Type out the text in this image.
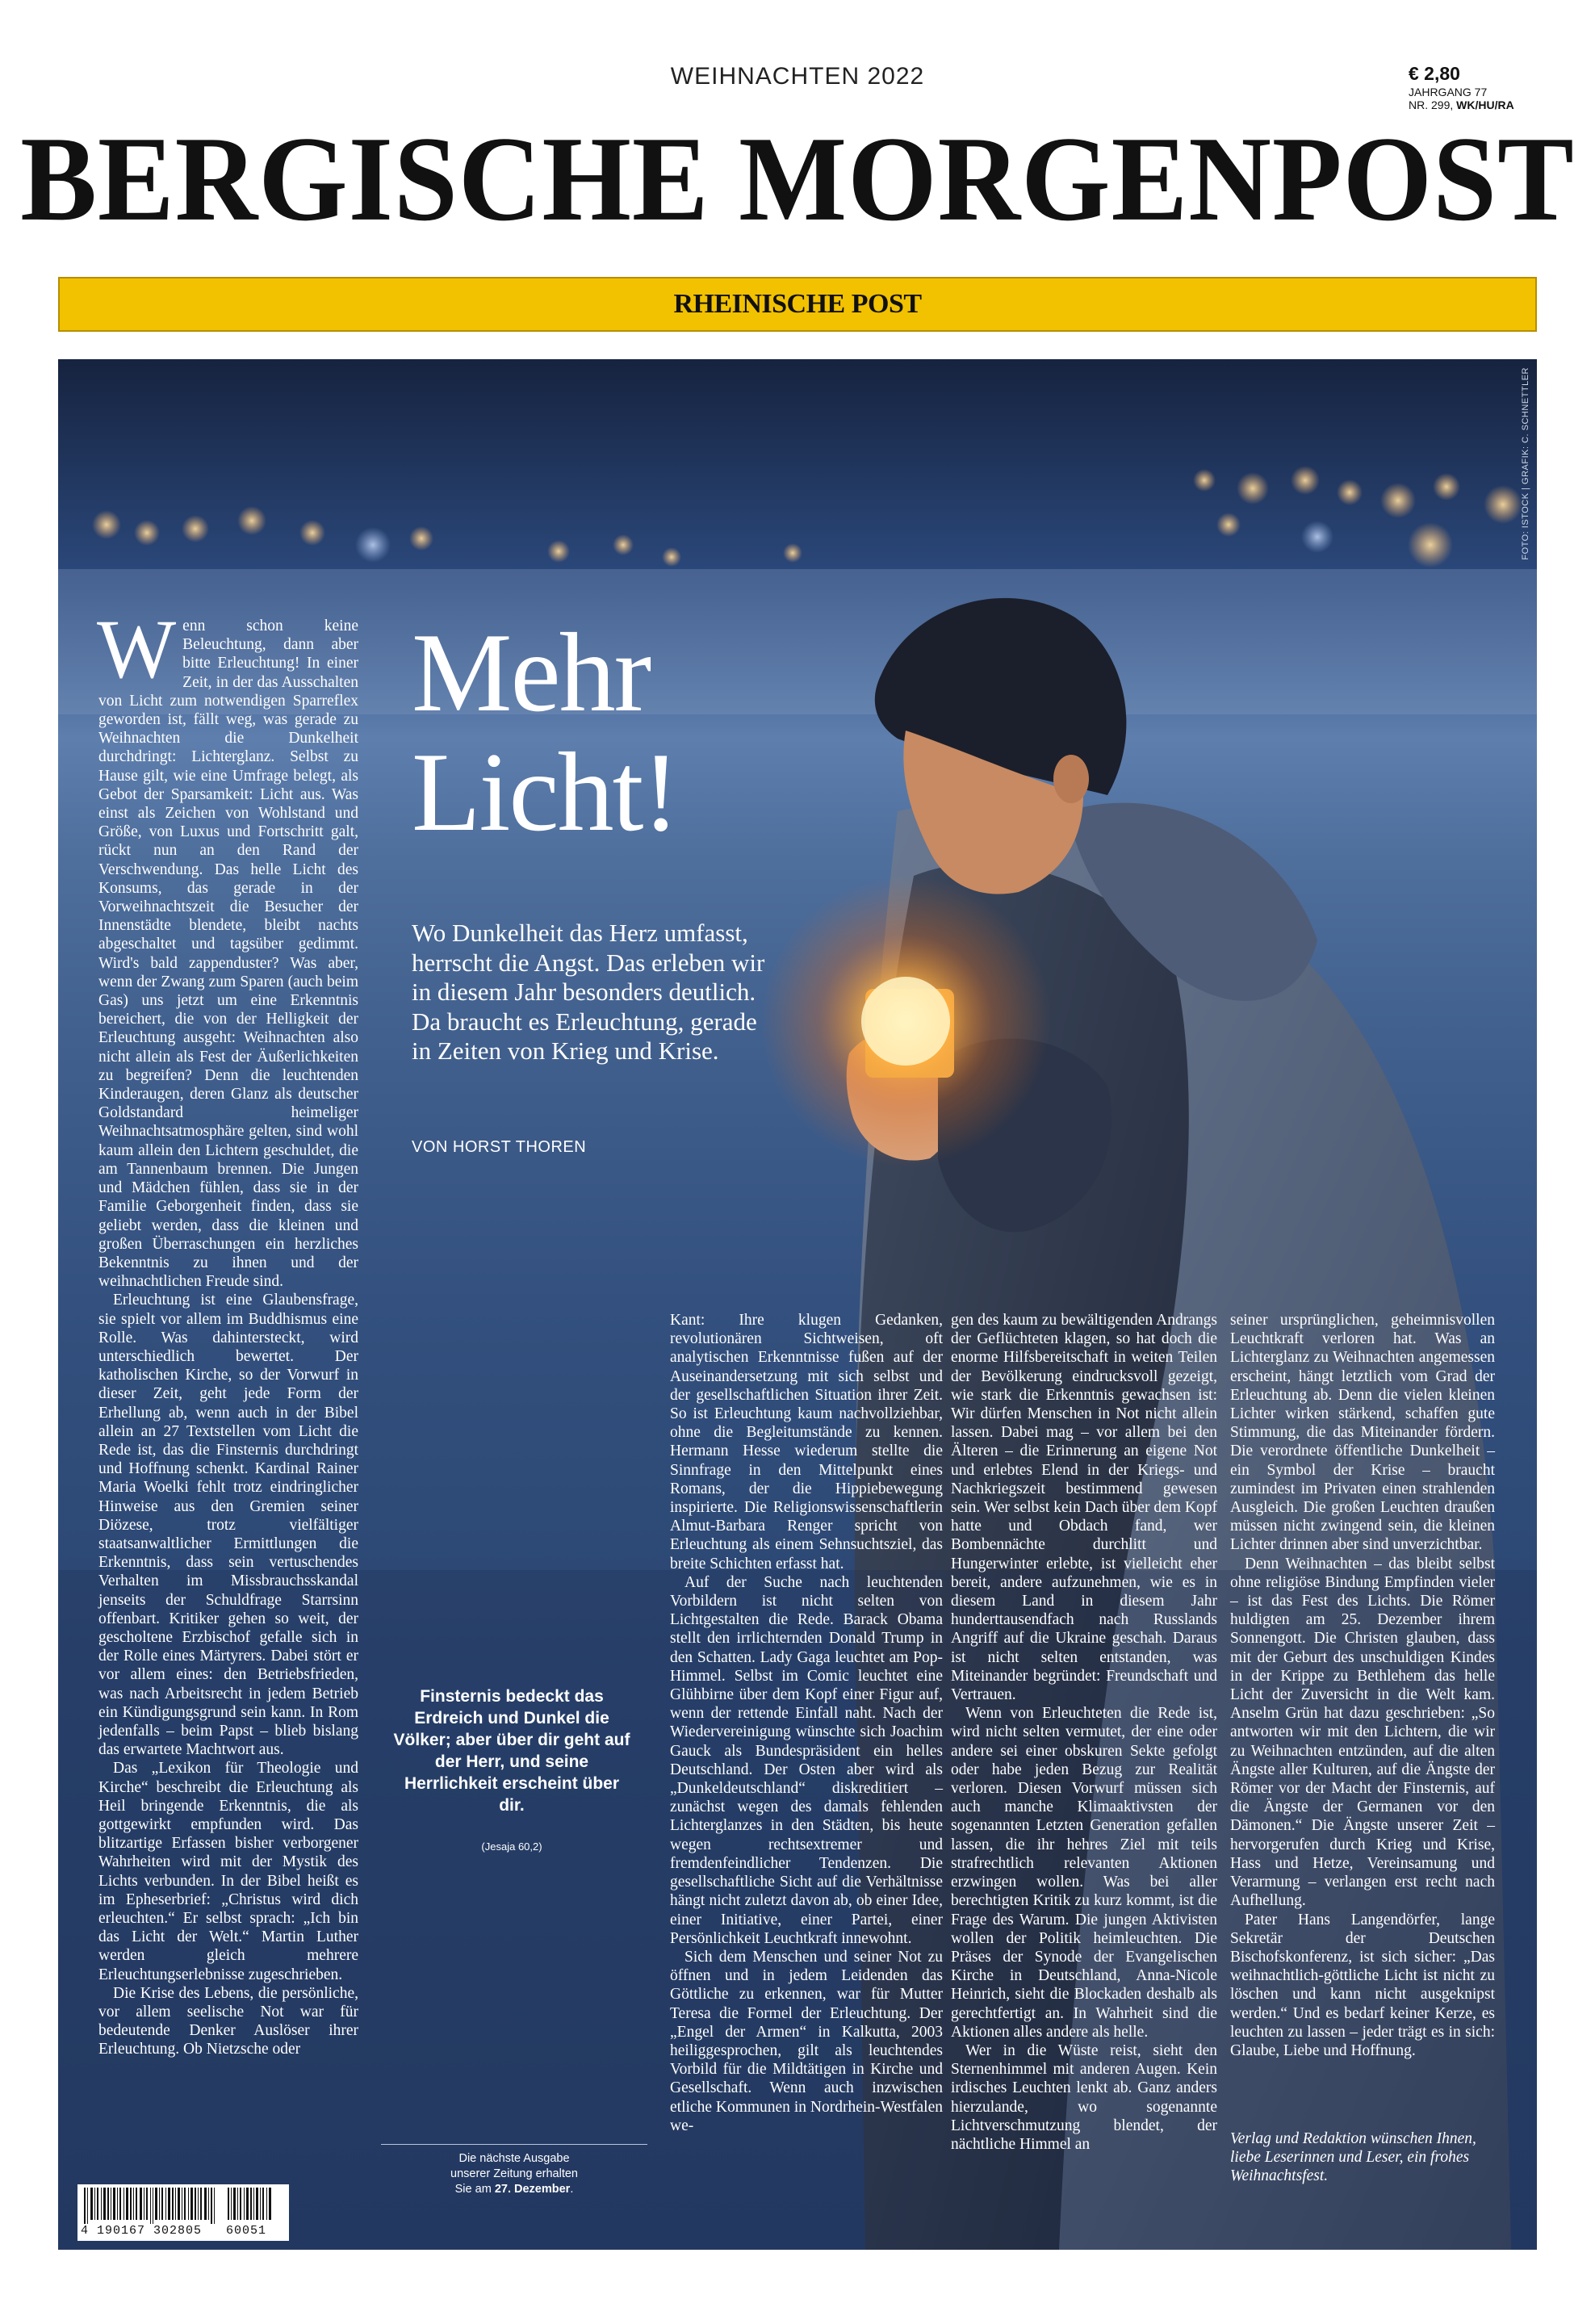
WEIHNACHTEN 2022	€ 2,80
JAHRGANG 77
NR. 299, WK/HU/RA
BERGISCHE MORGENPOST
RHEINISCHE POST
FOTO: ISTOCK | GRAFIK: C. SCHNETTLER
Mehr
Licht!
Wo Dunkelheit das Herz umfasst, herrscht die Angst. Das erleben wir in diesem Jahr besonders deutlich. Da braucht es Erleuchtung, gerade in Zeiten von Krieg und Krise.
VON HORST THOREN

Wenn schon keine Beleuchtung, dann aber bitte Erleuchtung! In einer Zeit, in der das Ausschalten von Licht zum notwendigen Sparreflex geworden ist, fällt weg, was gerade zu Weihnachten die Dunkelheit durchdringt: Lichterglanz. Selbst zu Hause gilt, wie eine Umfrage belegt, als Gebot der Sparsamkeit: Licht aus. Was einst als Zeichen von Wohlstand und Größe, von Luxus und Fortschritt galt, rückt nun an den Rand der Verschwendung. Das helle Licht des Konsums, das gerade in der Vorweihnachtszeit die Besucher der Innenstädte blendete, bleibt nachts abgeschaltet und tagsüber gedimmt. Wird's bald zappenduster? Was aber, wenn der Zwang zum Sparen (auch beim Gas) uns jetzt um eine Erkenntnis bereichert, die von der Helligkeit der Erleuchtung ausgeht: Weihnachten also nicht allein als Fest der Äußerlichkeiten zu begreifen? Denn die leuchtenden Kinderaugen, deren Glanz als deutscher Goldstandard heimeliger Weihnachtsatmosphäre gelten, sind wohl kaum allein den Lichtern geschuldet, die am Tannenbaum brennen. Die Jungen und Mädchen fühlen, dass sie in der Familie Geborgenheit finden, dass sie geliebt werden, dass die kleinen und großen Überraschungen ein herzliches Bekenntnis zu ihnen und der weihnachtlichen Freude sind.

Erleuchtung ist eine Glaubensfrage, sie spielt vor allem im Buddhismus eine Rolle. Was dahintersteckt, wird unterschiedlich bewertet. Der katholischen Kirche, so der Vorwurf in dieser Zeit, geht jede Form der Erhellung ab, wenn auch in der Bibel allein an 27 Textstellen vom Licht die Rede ist, das die Finsternis durchdringt und Hoffnung schenkt. Kardinal Rainer Maria Woelki fehlt trotz eindringlicher Hinweise aus den Gremien seiner Diözese, trotz vielfältiger staatsanwaltlicher Ermittlungen die Erkenntnis, dass sein vertuschendes Verhalten im Missbrauchsskandal jenseits der Schuldfrage Starrsinn offenbart. Kritiker gehen so weit, der gescholtene Erzbischof gefalle sich in der Rolle eines Märtyrers. Dabei stört er vor allem eines: den Betriebsfrieden, was nach Arbeitsrecht in jedem Betrieb ein Kündigungsgrund sein kann. In Rom jedenfalls – beim Papst – blieb bislang das erwartete Machtwort aus.

Das „Lexikon für Theologie und Kirche“ beschreibt die Erleuchtung als Heil bringende Erkenntnis, die als gottgewirkt empfunden wird. Das blitzartige Erfassen bisher verborgener Wahrheiten wird mit der Mystik des Lichts verbunden. In der Bibel heißt es im Epheserbrief: „Christus wird dich erleuchten.“ Er selbst sprach: „Ich bin das Licht der Welt.“ Martin Luther werden gleich mehrere Erleuchtungserlebnisse zugeschrieben.

Die Krise des Lebens, die persönliche, vor allem seelische Not war für bedeutende Denker Auslöser ihrer Erleuchtung. Ob Nietzsche oder

Finsternis bedeckt das Erdreich und Dunkel die Völker; aber über dir geht auf der Herr, und seine Herrlichkeit erscheint über dir.
(Jesaja 60,2)
Die nächste Ausgabe
unserer Zeitung erhalten
Sie am 27. Dezember.

Kant: Ihre klugen Gedanken, revolutionären Sichtweisen, oft analytischen Erkenntnisse fußen auf der Auseinandersetzung mit sich selbst und der gesellschaftlichen Situation ihrer Zeit. So ist Erleuchtung kaum nachvollziehbar, ohne die Begleitumstände zu kennen. Hermann Hesse wiederum stellte die Sinnfrage in den Mittelpunkt eines Romans, der die Hippiebewegung inspirierte. Die Religionswissenschaftlerin Almut-Barbara Renger spricht von Erleuchtung als einem Sehnsuchtsziel, das breite Schichten erfasst hat.

Auf der Suche nach leuchtenden Vorbildern ist nicht selten von Lichtgestalten die Rede. Barack Obama stellt den irrlichternden Donald Trump in den Schatten. Lady Gaga leuchtet am Pop-Himmel. Selbst im Comic leuchtet eine Glühbirne über dem Kopf einer Figur auf, wenn der rettende Einfall naht. Nach der Wiedervereinigung wünschte sich Joachim Gauck als Bundespräsident ein helles Deutschland. Der Osten aber wird als „Dunkeldeutschland“ diskreditiert – zunächst wegen des damals fehlenden Lichterglanzes in den Städten, bis heute wegen rechtsextremer und fremdenfeindlicher Tendenzen. Die gesellschaftliche Sicht auf die Verhältnisse hängt nicht zuletzt davon ab, ob einer Idee, einer Initiative, einer Partei, einer Persönlichkeit Leuchtkraft innewohnt.

Sich dem Menschen und seiner Not zu öffnen und in jedem Leidenden das Göttliche zu erkennen, war für Mutter Teresa die Formel der Erleuchtung. Der „Engel der Armen“ in Kalkutta, 2003 heiliggesprochen, gilt als leuchtendes Vorbild für die Mildtätigen in Kirche und Gesellschaft. Wenn auch inzwischen etliche Kommunen in Nordrhein-Westfalen we-

gen des kaum zu bewältigenden Andrangs der Geflüchteten klagen, so hat doch die enorme Hilfsbereitschaft in weiten Teilen der Bevölkerung eindrucksvoll gezeigt, wie stark die Erkenntnis gewachsen ist: Wir dürfen Menschen in Not nicht allein lassen. Dabei mag – vor allem bei den Älteren – die Erinnerung an eigene Not und erlebtes Elend in der Kriegs- und Nachkriegszeit bestimmend gewesen sein. Wer selbst kein Dach über dem Kopf hatte und Obdach fand, wer Bombennächte durchlitt und Hungerwinter erlebte, ist vielleicht eher bereit, andere aufzunehmen, wie es in diesem Land in diesem Jahr hunderttausendfach nach Russlands Angriff auf die Ukraine geschah. Daraus ist nicht selten entstanden, was Miteinander begründet: Freundschaft und Vertrauen.

Wenn von Erleuchteten die Rede ist, wird nicht selten vermutet, der eine oder andere sei einer obskuren Sekte gefolgt oder habe jeden Bezug zur Realität verloren. Diesen Vorwurf müssen sich auch manche Klimaaktivsten der sogenannten Letzten Generation gefallen lassen, die ihr hehres Ziel mit teils strafrechtlich relevanten Aktionen erzwingen wollen. Was bei aller berechtigten Kritik zu kurz kommt, ist die Frage des Warum. Die jungen Aktivisten wollen der Politik heimleuchten. Die Präses der Synode der Evangelischen Kirche in Deutschland, Anna-Nicole Heinrich, sieht die Blockaden deshalb als gerechtfertigt an. In Wahrheit sind die Aktionen alles andere als helle.

Wer in die Wüste reist, sieht den Sternenhimmel mit anderen Augen. Kein irdisches Leuchten lenkt ab. Ganz anders hierzulande, wo sogenannte Lichtverschmutzung blendet, der nächtliche Himmel an

seiner ursprünglichen, geheimnisvollen Leuchtkraft verloren hat. Was an Lichterglanz zu Weihnachten angemessen erscheint, hängt letztlich vom Grad der Erleuchtung ab. Denn die vielen kleinen Lichter wirken stärkend, schaffen gute Stimmung, die das Miteinander fördern. Die verordnete öffentliche Dunkelheit – ein Symbol der Krise – braucht zumindest im Privaten einen strahlenden Ausgleich. Die großen Leuchten draußen müssen nicht zwingend sein, die kleinen Lichter drinnen aber sind unverzichtbar.

Denn Weihnachten – das bleibt selbst ohne religiöse Bindung Empfinden vieler – ist das Fest des Lichts. Die Römer huldigten am 25. Dezember ihrem Sonnengott. Die Christen glauben, dass mit der Geburt des unschuldigen Kindes in der Krippe zu Bethlehem das helle Licht der Zuversicht in die Welt kam. Anselm Grün hat dazu geschrieben: „So antworten wir mit den Lichtern, die wir zu Weihnachten entzünden, auf die alten Ängste aller Kulturen, auf die Ängste der Römer vor der Macht der Finsternis, auf die Ängste der Germanen vor den Dämonen.“ Die Ängste unserer Zeit – hervorgerufen durch Krieg und Krise, Hass und Hetze, Vereinsamung und Verarmung – verlangen erst recht nach Aufhellung.

Pater Hans Langendörfer, lange Sekretär der Deutschen Bischofskonferenz, ist sich sicher: „Das weihnachtlich-göttliche Licht ist nicht zu löschen und kann nicht ausgeknipst werden.“ Und es bedarf keiner Kerze, es leuchten zu lassen – jeder trägt es in sich: Glaube, Liebe und Hoffnung.

Verlag und Redaktion wünschen Ihnen, liebe Leserinnen und Leser, ein frohes Weihnachtsfest.
4 190167 302805   60051
